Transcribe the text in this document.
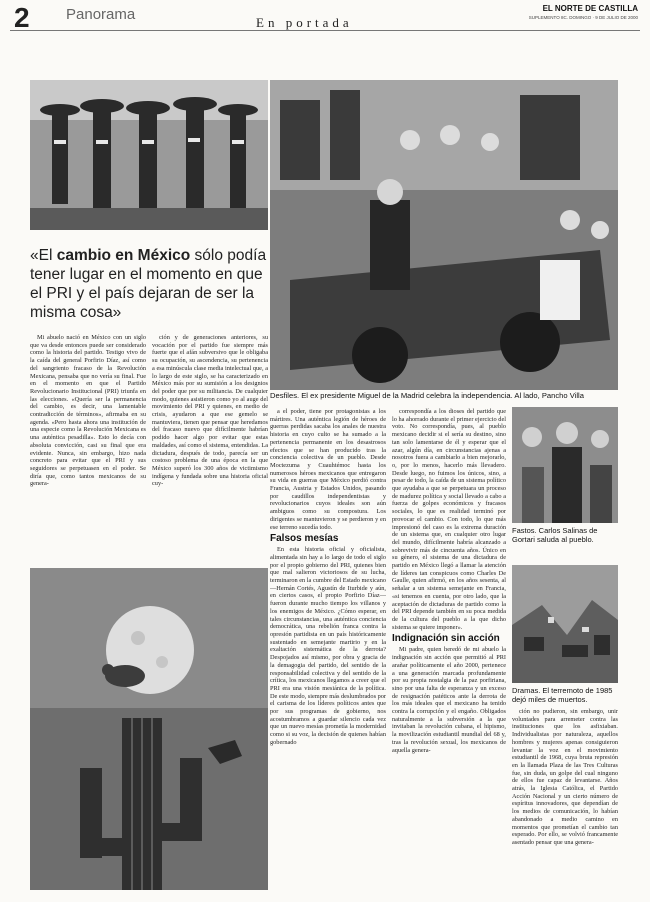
2 Panorama	En portada
EL NORTE DE CASTILLA
SUPLEMENTO 8C. DOMINGO · 9 DE JULIO DE 2000
Desfiles. El ex presidente Miguel de la Madrid celebra la independencia. Al lado, Pancho Villa
Fastos. Carlos Salinas de Gortari saluda al pueblo.
Dramas. El terremoto de 1985 dejó miles de muertos.
«El cambio en México sólo podía tener lugar en el momento en que el PRI y el país dejaran de ser la misma cosa»

Mi abuelo nació en México con un siglo que va desde entonces puede ser considerado como la historia del partido. Testigo vivo de la caída del general Porfirio Díaz, así como del sangriento fracaso de la Revolución Mexicana, pensaba que no vería su final. Fue en el momento en que el Partido Revolucionario Institucional (PRI) triunfa en las elecciones. «Quería ser la permanencia del cambio, es decir, una lamentable contradicción de términos», afirmaba en su agenda. «Pero hasta ahora una institución de una especie como la Revolución Mexicana es una auténtica pesadilla». Esto lo decía con absoluta convicción, casi su final que era evidente. Nunca, sin embargo, hizo nada concreto para evitar que el PRI y sus seguidores se perpetuasen en el poder. Se diría que, como tantos mexicanos de su genera-

ción y de generaciones anteriores, su vocación por el partido fue siempre más fuerte que el afán subversivo que le obligaba su ocupación, su ascendencia, su pertenencia a esa minúscula clase media intelectual que, a lo largo de este siglo, se ha caracterizado en México más por su sumisión a los designios del poder que por su militancia. De cualquier modo, quienes asistieron como yo al auge del movimiento del PRI y quienes, en medio de crisis, ayudaron a que ese gemelo se mantuviera, tienen que pensar que heredamos del fracaso nuevo que difícilmente habrían podido hacer algo por evitar que estas maldades, así como el sistema, entendidas. La dictadura, después de todo, parecía ser un costoso problema de una época en la que México superó los 300 años de victimismo indígena y fundada sobre una historia oficial cuy-

a el poder, tiene por protagonistas a los mártires. Una auténtica legión de héroes de guerras perdidas sacaba los anales de nuestra historia en cuyo culto se ha sumado a la pertenencia permanente en los desastrosos efectos que se han producido tras la conciencia colectiva de un pueblo. Desde Moctezuma y Cuauhtémoc hasta los numerosos héroes mexicanos que entregaron su vida en guerras que México perdió contra Francia, Austria y Estados Unidos, pasando por caudillos independentistas y revolucionarios cuyos ideales son aún ambiguos como su compostura. Los dirigentes se mantuvieron y se perdieron y en ese terreno sucedía todo.

Falsos mesías

En esta historia oficial y oficialista, alimentada sin hay a lo largo de todo el siglo por el propio gobierno del PRI, quienes bien que mal salieron victoriosos de su lucha, terminaron en la cumbre del Estado mexicano —Hernán Cortés, Agustín de Iturbide y aún, en ciertos casos, el propio Porfirio Díaz— fueron durante mucho tiempo los villanos y los enemigos de México. ¿Cómo esperar, en tales circunstancias, una auténtica conciencia democrática, una rebelión franca contra la opresión partidista en un país históricamente sustentado en semejante martirio y en la exaltación sistemática de la derrota? Despojados así mismo, por obra y gracia de la demagogia del partido, del sentido de la responsabilidad colectiva y del sentido de la crítica, los mexicanos llegamos a creer que el PRI era una visión mesiánica de la política. De este modo, siempre más deslumbrados por el carisma de los líderes políticos antes que por sus programas de gobierno, nos acostumbramos a guardar silencio cada vez que un nuevo mesías prometía la modernidad como si su voz, la decisión de quienes habían gobernado

correspondía a los dioses del partido que lo ha ahorrado durante el primer ejercicio del voto. No correspondía, pues, al pueblo mexicano decidir si el sería su destino, sino tan solo lamentarse de él y esperar que el azar, algún día, en circunstancias ajenas a nosotros fuera a cambiarlo a bien mejorarlo, o, por lo menos, hacerlo más llevadero. Desde luego, no fuimos los únicos, sino, a pesar de todo, la caída de un sistema político que ayudaba a que se perpetuara un proceso de madurez política y social llevado a cabo a fuerza de golpes económicos y fracasos sociales, lo que es realidad terminó por provocar el cambio. Con todo, lo que más impresionó del caso es la extrema duración de un sistema que, en cualquier otro lugar del mundo, difícilmente habría alcanzado a sobrevivir más de cincuenta años. Único en su género, el sistema de una dictadura de partido en México llegó a llamar la atención de líderes tan conspicuos como Charles De Gaulle, quien afirmó, en los años sesenta, al señalar a un sistema semejante en Francia, «si tenemos en cuenta, por otro lado, que la aceptación de dictaduras de partido como la del PRI depende también en su poca medida de la cultura del pueblo a la que dicho sistema se quiere imponer».

Indignación sin acción

Mi padre, quien heredó de mi abuelo la indignación sin acción que permitió al PRI arañar políticamente el año 2000, pertenece a una generación marcada profundamente por su propia nostalgia de la paz porfiriana, sino por una falta de esperanza y un exceso de resignación patéticos ante la derrota de los más ideales que el mexicano ha tenido contra la corrupción y el engaño. Obligados naturalmente a la subversión a la que invitaban la revolución cubana, el hipismo, la movilización estudiantil mundial del 68 y, tras la revolución sexual, los mexicanos de aquella genera-

ción no pudieron, sin embargo, unir voluntades para arremeter contra las instituciones que los asfixiaban. Individualistas por naturaleza, aquellos hombres y mujeres apenas consiguieron levantar la voz en el movimiento estudiantil de 1968, cuya bruta represión en la llamada Plaza de las Tres Culturas fue, sin duda, un golpe del cual ninguno de ellos fue capaz de levantarse. Años atrás, la Iglesia Católica, el Partido Acción Nacional y un cierto número de espíritus innovadores, que dependían de los medios de comunicación, lo habían abandonado a medio camino en momentos que prometían el cambio tan esperado. Por ello, se volvió francamente asentado pensar que una genera-
